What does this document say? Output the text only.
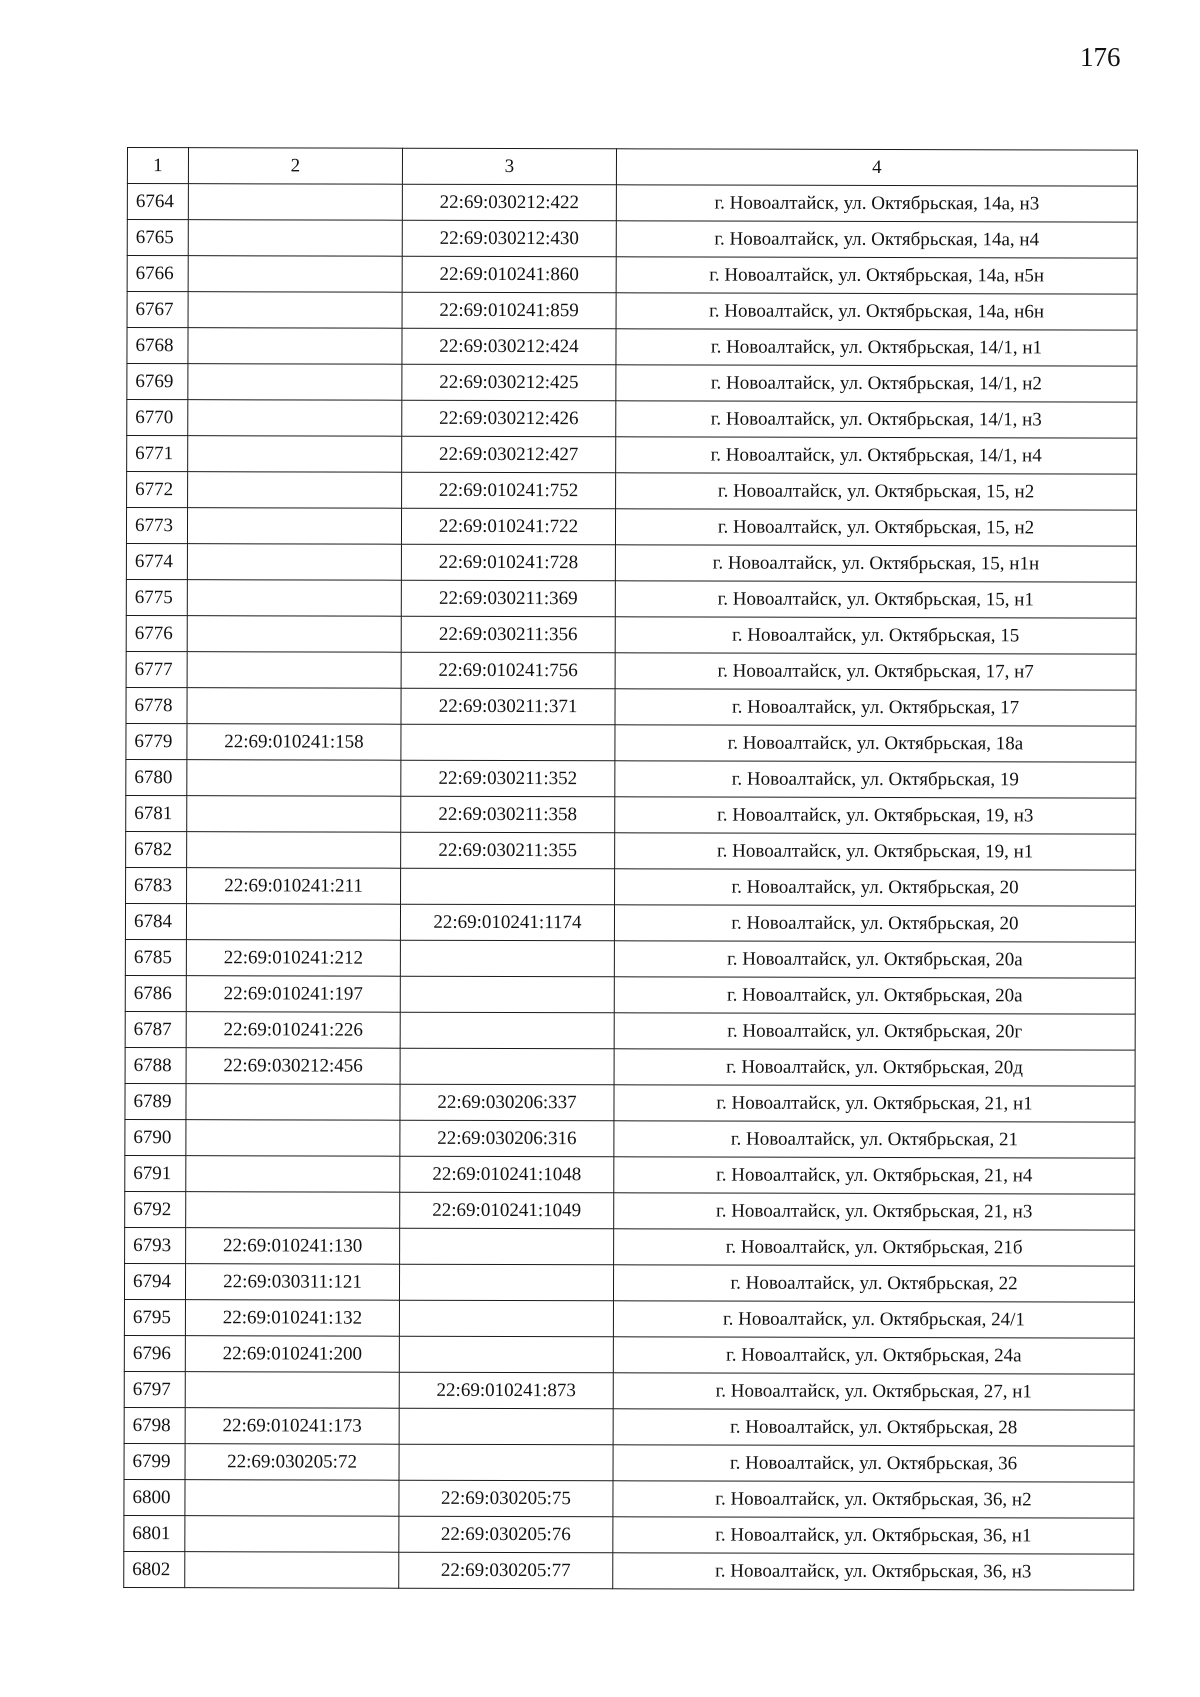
176
1	2	3	4
6764		22:69:030212:422	г. Новоалтайск, ул. Октябрьская, 14а, н3
6765		22:69:030212:430	г. Новоалтайск, ул. Октябрьская, 14а, н4
6766		22:69:010241:860	г. Новоалтайск, ул. Октябрьская, 14а, н5н
6767		22:69:010241:859	г. Новоалтайск, ул. Октябрьская, 14а, н6н
6768		22:69:030212:424	г. Новоалтайск, ул. Октябрьская, 14/1, н1
6769		22:69:030212:425	г. Новоалтайск, ул. Октябрьская, 14/1, н2
6770		22:69:030212:426	г. Новоалтайск, ул. Октябрьская, 14/1, н3
6771		22:69:030212:427	г. Новоалтайск, ул. Октябрьская, 14/1, н4
6772		22:69:010241:752	г. Новоалтайск, ул. Октябрьская, 15, н2
6773		22:69:010241:722	г. Новоалтайск, ул. Октябрьская, 15, н2
6774		22:69:010241:728	г. Новоалтайск, ул. Октябрьская, 15, н1н
6775		22:69:030211:369	г. Новоалтайск, ул. Октябрьская, 15, н1
6776		22:69:030211:356	г. Новоалтайск, ул. Октябрьская, 15
6777		22:69:010241:756	г. Новоалтайск, ул. Октябрьская, 17, н7
6778		22:69:030211:371	г. Новоалтайск, ул. Октябрьская, 17
6779	22:69:010241:158		г. Новоалтайск, ул. Октябрьская, 18а
6780		22:69:030211:352	г. Новоалтайск, ул. Октябрьская, 19
6781		22:69:030211:358	г. Новоалтайск, ул. Октябрьская, 19, н3
6782		22:69:030211:355	г. Новоалтайск, ул. Октябрьская, 19, н1
6783	22:69:010241:211		г. Новоалтайск, ул. Октябрьская, 20
6784		22:69:010241:1174	г. Новоалтайск, ул. Октябрьская, 20
6785	22:69:010241:212		г. Новоалтайск, ул. Октябрьская, 20а
6786	22:69:010241:197		г. Новоалтайск, ул. Октябрьская, 20а
6787	22:69:010241:226		г. Новоалтайск, ул. Октябрьская, 20г
6788	22:69:030212:456		г. Новоалтайск, ул. Октябрьская, 20д
6789		22:69:030206:337	г. Новоалтайск, ул. Октябрьская, 21, н1
6790		22:69:030206:316	г. Новоалтайск, ул. Октябрьская, 21
6791		22:69:010241:1048	г. Новоалтайск, ул. Октябрьская, 21, н4
6792		22:69:010241:1049	г. Новоалтайск, ул. Октябрьская, 21, н3
6793	22:69:010241:130		г. Новоалтайск, ул. Октябрьская, 21б
6794	22:69:030311:121		г. Новоалтайск, ул. Октябрьская, 22
6795	22:69:010241:132		г. Новоалтайск, ул. Октябрьская, 24/1
6796	22:69:010241:200		г. Новоалтайск, ул. Октябрьская, 24а
6797		22:69:010241:873	г. Новоалтайск, ул. Октябрьская, 27, н1
6798	22:69:010241:173		г. Новоалтайск, ул. Октябрьская, 28
6799	22:69:030205:72		г. Новоалтайск, ул. Октябрьская, 36
6800		22:69:030205:75	г. Новоалтайск, ул. Октябрьская, 36, н2
6801		22:69:030205:76	г. Новоалтайск, ул. Октябрьская, 36, н1
6802		22:69:030205:77	г. Новоалтайск, ул. Октябрьская, 36, н3
